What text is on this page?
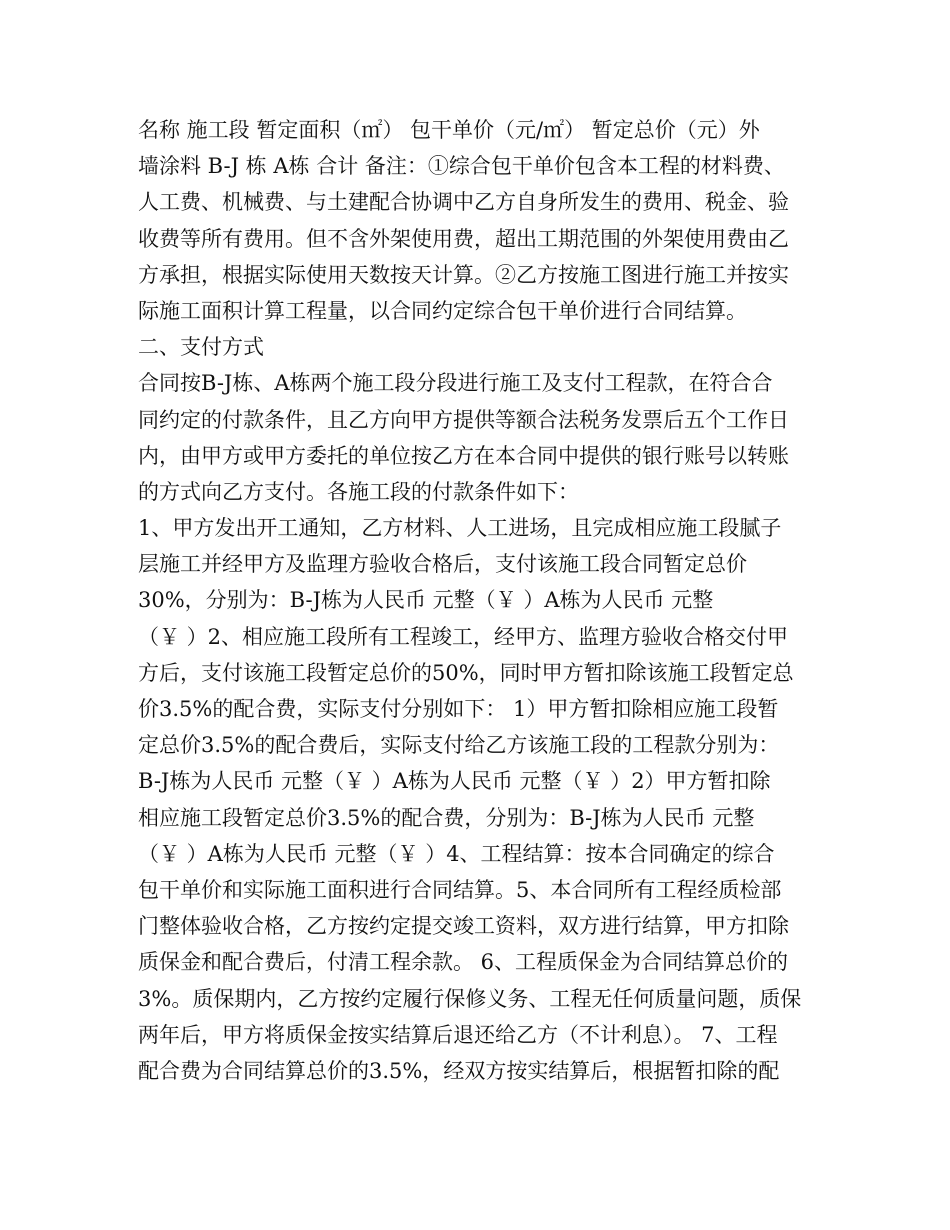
名称 施工段 暂定面积（㎡） 包干单价（元/㎡） 暂定总价（元）外
墙涂料 B-J 栋 A栋 合计 备注：①综合包干单价包含本工程的材料费、
人工费、机械费、与土建配合协调中乙方自身所发生的费用、税金、验
收费等所有费用。但不含外架使用费，超出工期范围的外架使用费由乙
方承担，根据实际使用天数按天计算。②乙方按施工图进行施工并按实
际施工面积计算工程量，以合同约定综合包干单价进行合同结算。
二、支付方式
合同按B-J栋、A栋两个施工段分段进行施工及支付工程款，在符合合
同约定的付款条件，且乙方向甲方提供等额合法税务发票后五个工作日
内，由甲方或甲方委托的单位按乙方在本合同中提供的银行账号以转账
的方式向乙方支付。各施工段的付款条件如下：
1、甲方发出开工通知，乙方材料、人工进场，且完成相应施工段腻子
层施工并经甲方及监理方验收合格后，支付该施工段合同暂定总价
30%，分别为：B-J栋为人民币 元整（￥ ）A栋为人民币 元整
（￥ ）2、相应施工段所有工程竣工，经甲方、监理方验收合格交付甲
方后，支付该施工段暂定总价的50%，同时甲方暂扣除该施工段暂定总
价3.5%的配合费，实际支付分别如下： 1）甲方暂扣除相应施工段暂
定总价3.5%的配合费后，实际支付给乙方该施工段的工程款分别为：
B-J栋为人民币 元整（￥ ）A栋为人民币 元整（￥ ）2）甲方暂扣除
相应施工段暂定总价3.5%的配合费，分别为：B-J栋为人民币 元整
（￥ ）A栋为人民币 元整（￥ ）4、工程结算：按本合同确定的综合
包干单价和实际施工面积进行合同结算。5、本合同所有工程经质检部
门整体验收合格，乙方按约定提交竣工资料，双方进行结算，甲方扣除
质保金和配合费后，付清工程余款。 6、工程质保金为合同结算总价的
3%。质保期内，乙方按约定履行保修义务、工程无任何质量问题，质保
两年后，甲方将质保金按实结算后退还给乙方（不计利息）。 7、工程
配合费为合同结算总价的3.5%，经双方按实结算后，根据暂扣除的配
